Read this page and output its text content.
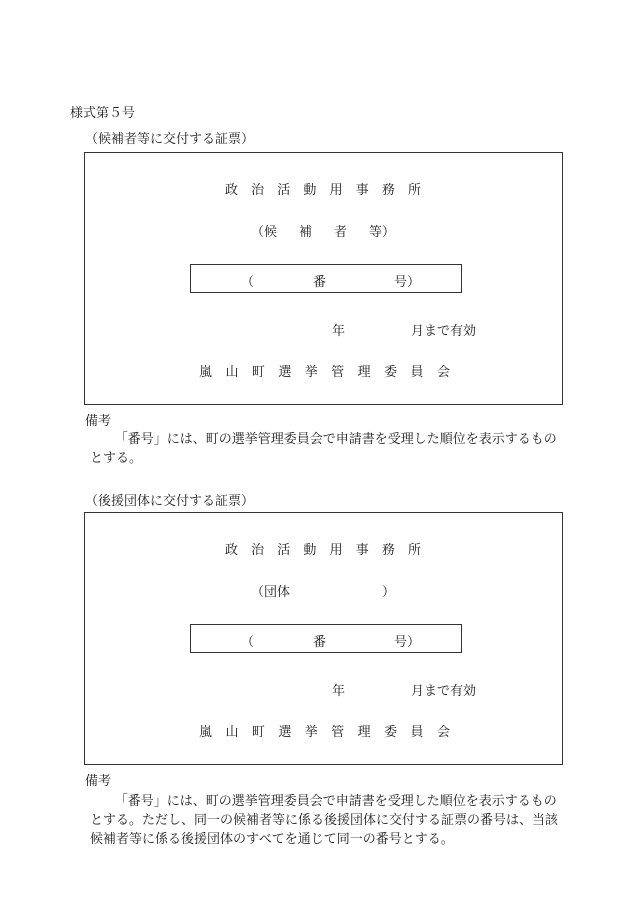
様式第５号
（候補者等に交付する証票）
政 治 活 動 用 事 務 所
（候 補 者 等）
（	番	号）
年	月まで有効
嵐 山 町 選 挙 管 理 委 員 会
備考

「番号」には、町の選挙管理委員会で申請書を受理した順位を表示するものとする。

（後援団体に交付する証票）
政 治 活 動 用 事 務 所
（団体	）
（	番	号）
年	月まで有効
嵐 山 町 選 挙 管 理 委 員 会
備考

「番号」には、町の選挙管理委員会で申請書を受理した順位を表示するものとする。ただし、同一の候補者等に係る後援団体に交付する証票の番号は、当該候補者等に係る後援団体のすべてを通じて同一の番号とする。
